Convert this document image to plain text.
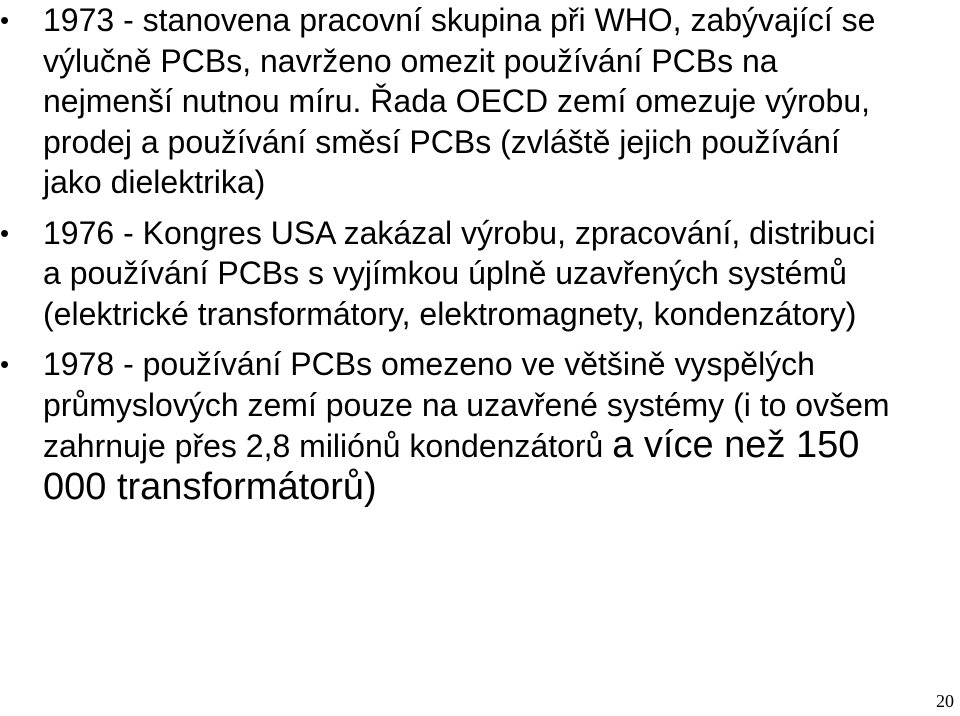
• 1973 - stanovena pracovní skupina při WHO, zabývající se výlučně PCBs, navrženo omezit používání PCBs na nejmenší nutnou míru. Řada OECD zemí omezuje výrobu, prodej a používání směsí PCBs (zvláště jejich používání jako dielektrika)
• 1976 - Kongres USA zakázal výrobu, zpracování, distribuci a používání PCBs s vyjímkou úplně uzavřených systémů (elektrické transformátory, elektromagnety, kondenzátory)
• 1978 - používání PCBs omezeno ve většině vyspělých průmyslových zemí pouze na uzavřené systémy (i to ovšem zahrnuje přes 2,8 miliónů kondenzátorů a více než 150 000 transformátorů)
20
